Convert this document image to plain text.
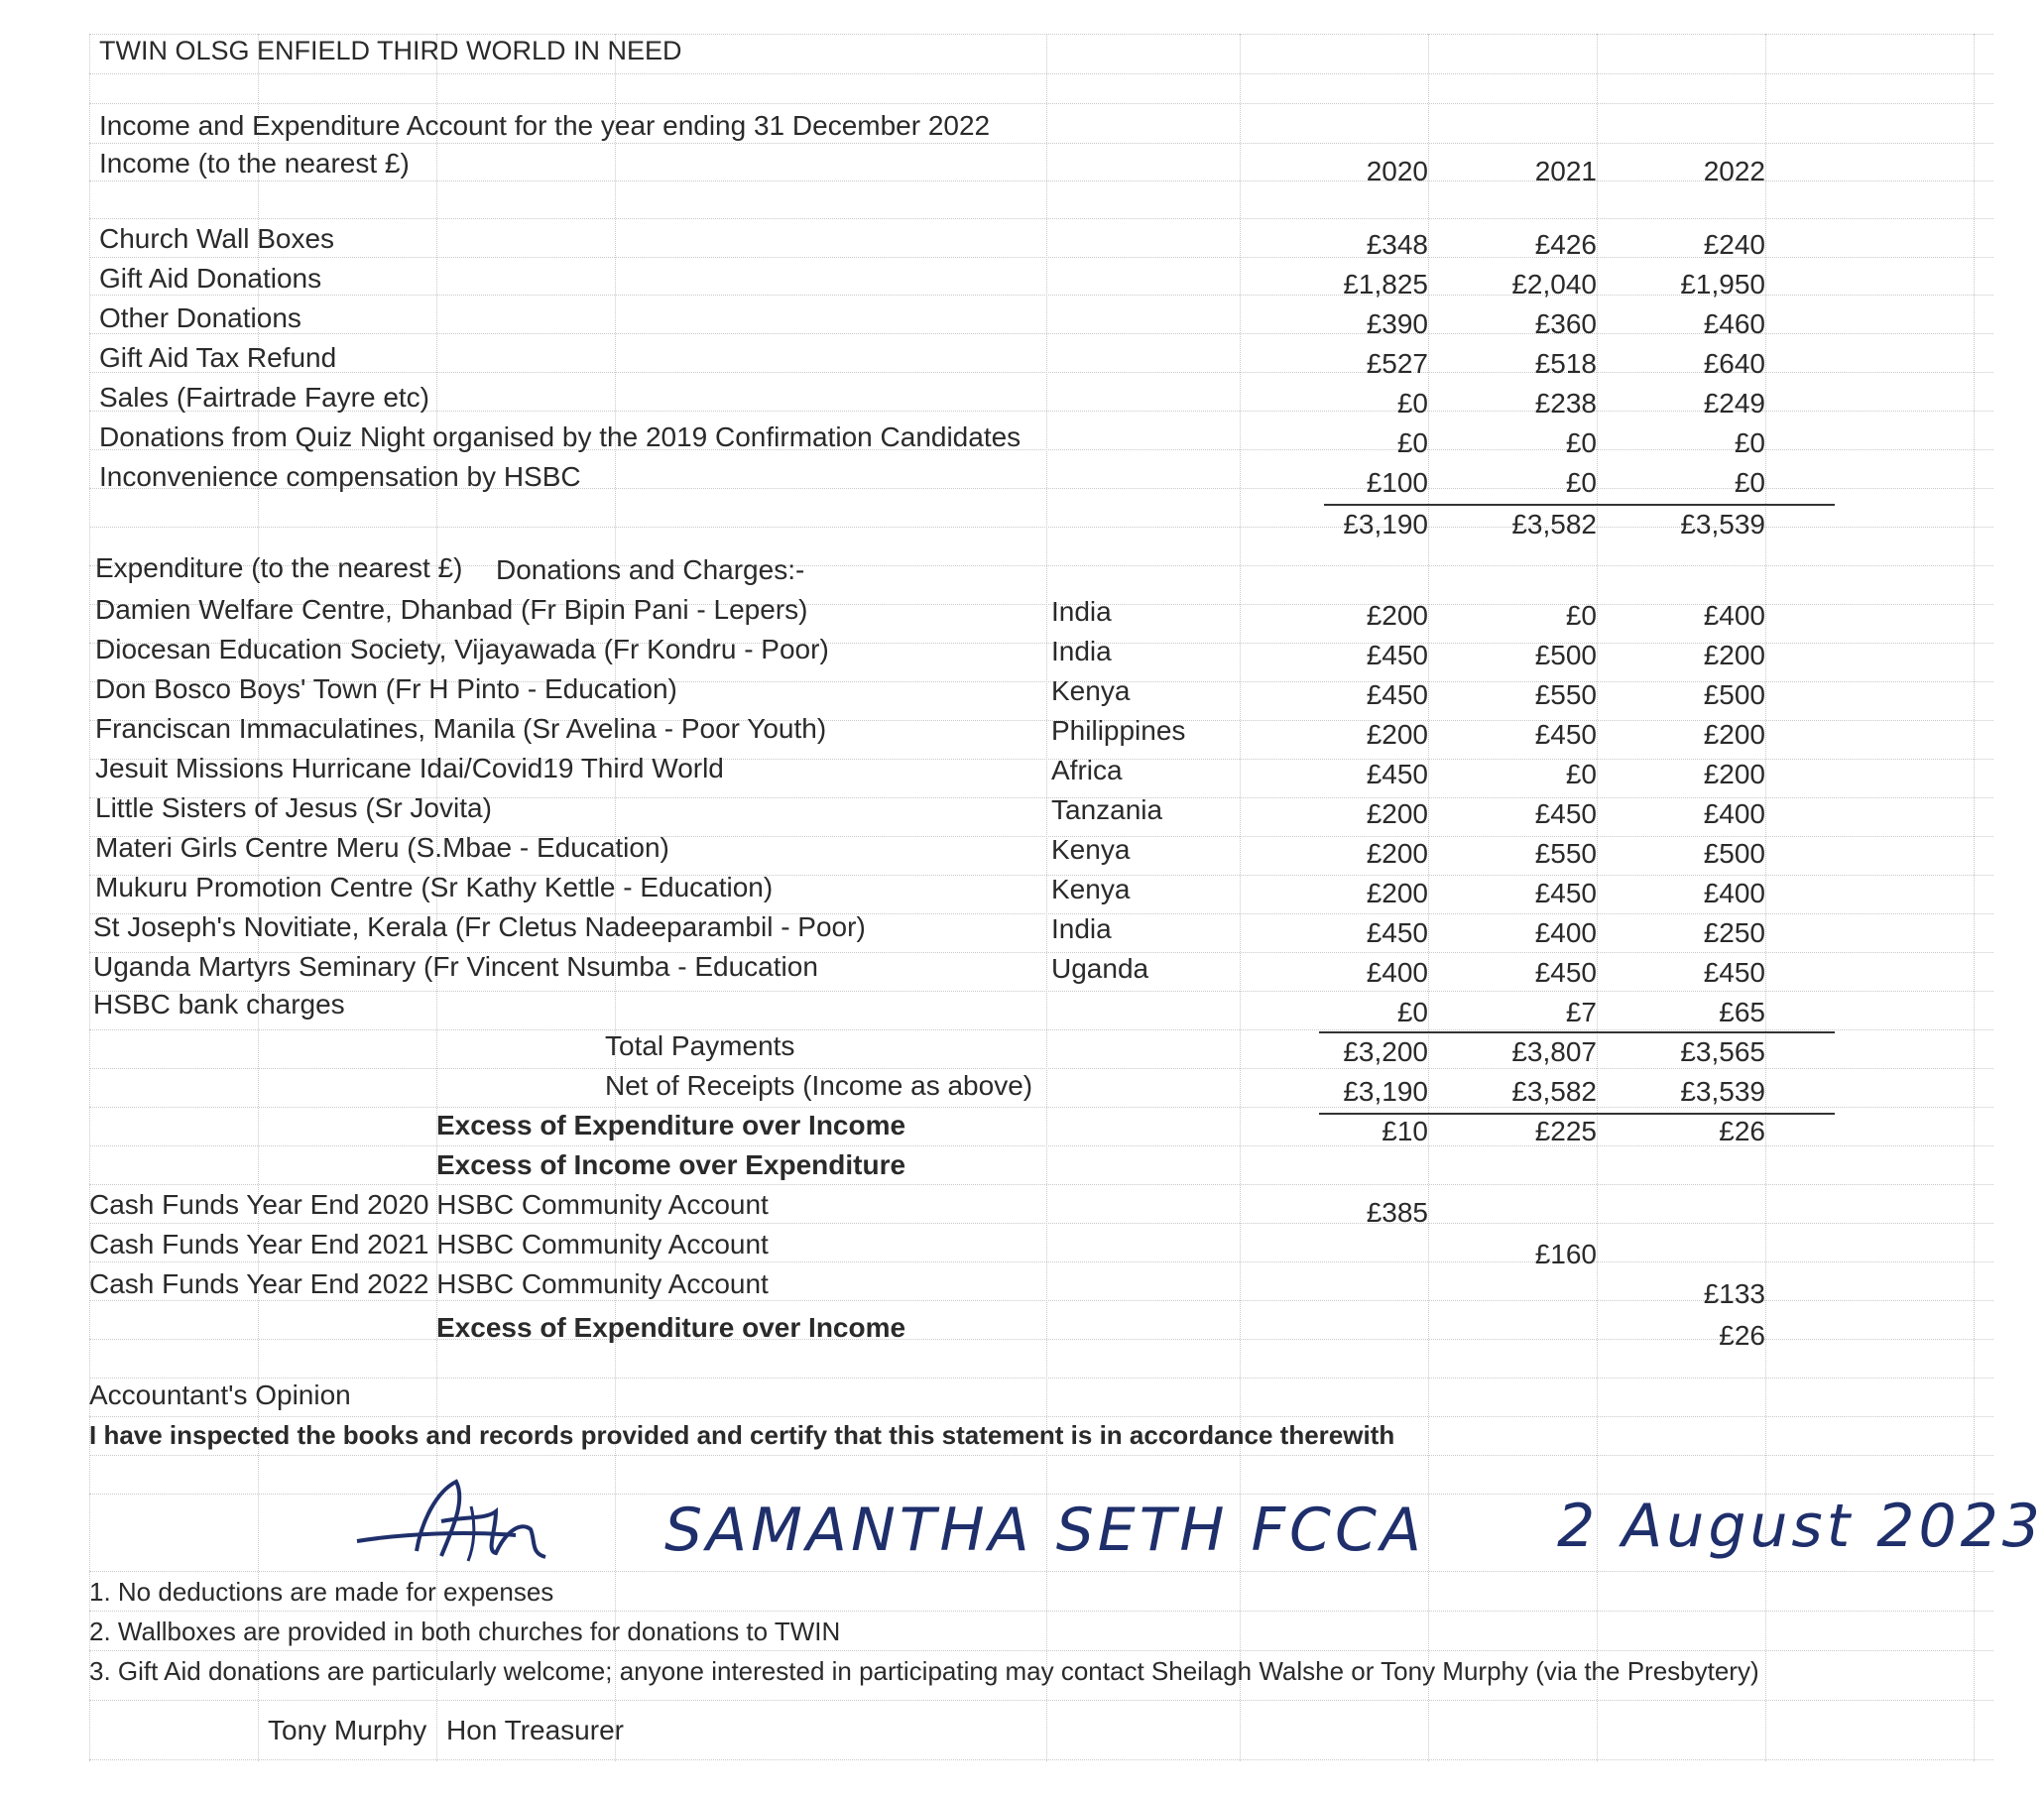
TWIN OLSG ENFIELD THIRD WORLD IN NEED
Income and Expenditure Account for the year ending 31 December 2022
Income (to the nearest £)	2020	2021	2022
Church Wall Boxes	£348	£426	£240
Gift Aid Donations	£1,825	£2,040	£1,950
Other Donations	£390	£360	£460
Gift Aid Tax Refund	£527	£518	£640
Sales (Fairtrade Fayre etc)	£0	£238	£249
Donations from Quiz Night organised by the 2019 Confirmation Candidates	£0	£0	£0
Inconvenience compensation by HSBC	£100	£0	£0
£3,190	£3,582	£3,539
Expenditure (to the nearest £) Donations and Charges:-
Damien Welfare Centre, Dhanbad (Fr Bipin Pani - Lepers)	India	£200	£0	£400
Diocesan Education Society, Vijayawada (Fr Kondru - Poor)	India	£450	£500	£200
Don Bosco Boys' Town (Fr H Pinto - Education)	Kenya	£450	£550	£500
Franciscan Immaculatines, Manila (Sr Avelina - Poor Youth)	Philippines	£200	£450	£200
Jesuit Missions Hurricane Idai/Covid19 Third World	Africa	£450	£0	£200
Little Sisters of Jesus (Sr Jovita)	Tanzania	£200	£450	£400
Materi Girls Centre Meru (S.Mbae - Education)	Kenya	£200	£550	£500
Mukuru Promotion Centre (Sr Kathy Kettle - Education)	Kenya	£200	£450	£400
St Joseph's Novitiate, Kerala (Fr Cletus Nadeeparambil - Poor)	India	£450	£400	£250
Uganda Martyrs Seminary (Fr Vincent Nsumba - Education	Uganda	£400	£450	£450
HSBC bank charges	£0	£7	£65
Total Payments	£3,200	£3,807	£3,565
Net of Receipts (Income as above)	£3,190	£3,582	£3,539
Excess of Expenditure over Income	£10	£225	£26
Excess of Income over Expenditure
Cash Funds Year End 2020 HSBC Community Account	£385
Cash Funds Year End 2021 HSBC Community Account	£160
Cash Funds Year End 2022 HSBC Community Account	£133
Excess of Expenditure over Income	£26
Accountant's Opinion
I have inspected the books and records provided and certify that this statement is in accordance therewith
SAMANTHA SETH FCCA 2 August 2023
1. No deductions are made for expenses
2. Wallboxes are provided in both churches for donations to TWIN
3. Gift Aid donations are particularly welcome; anyone interested in participating may contact Sheilagh Walshe or Tony Murphy (via the Presbytery)
Tony Murphy Hon Treasurer
